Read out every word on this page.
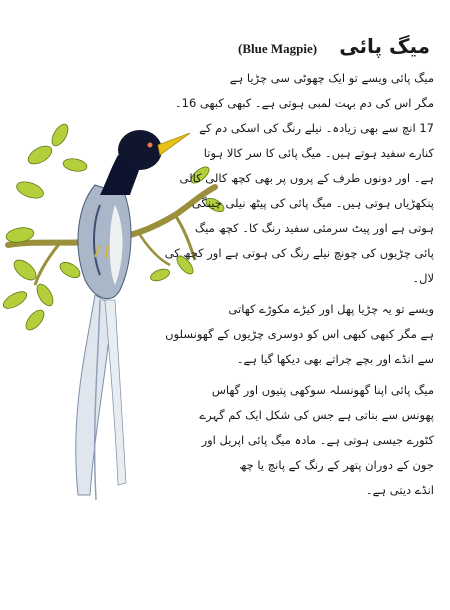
(Blue Magpie) میگ پائی

میگ پائی ویسے تو ایک چھوٹی سی چڑیا ہے
مگر اس کی دم بہت لمبی ہوتی ہے۔ کبھی کبھی 16۔
17 انچ سے بھی زیادہ۔ نیلے رنگ کی اسکی دم کے
کنارے سفید ہوتے ہیں۔ میگ پائی کا سر کالا ہوتا
ہے۔ اور دونوں طرف کے پروں پر بھی کچھ کالی کالی
پنکھڑیاں ہوتی ہیں۔ میگ پائی کی پیٹھ نیلی چینگی
ہوتی ہے اور پیٹ سرمئی سفید رنگ کا۔ کچھ میگ
پائی چڑیوں کی چونچ نیلے رنگ کی ہوتی ہے اور کچھ کی
لال۔

ویسے تو یہ چڑیا پھل اور کیڑے مکوڑے کھاتی
ہے مگر کبھی کبھی اس کو دوسری چڑیوں کے گھونسلوں
سے انڈے اور بچے چراتے بھی دیکھا گیا ہے۔

میگ پائی اپنا گھونسلہ سوکھی پتیوں اور گھاس
پھونس سے بناتی ہے جس کی شکل ایک کم گہرے
کٹورے جیسی ہوتی ہے۔ مادہ میگ پائی اپریل اور
جون کے دوران پتھر کے رنگ کے پانچ یا چھ
انڈے دیتی ہے۔
